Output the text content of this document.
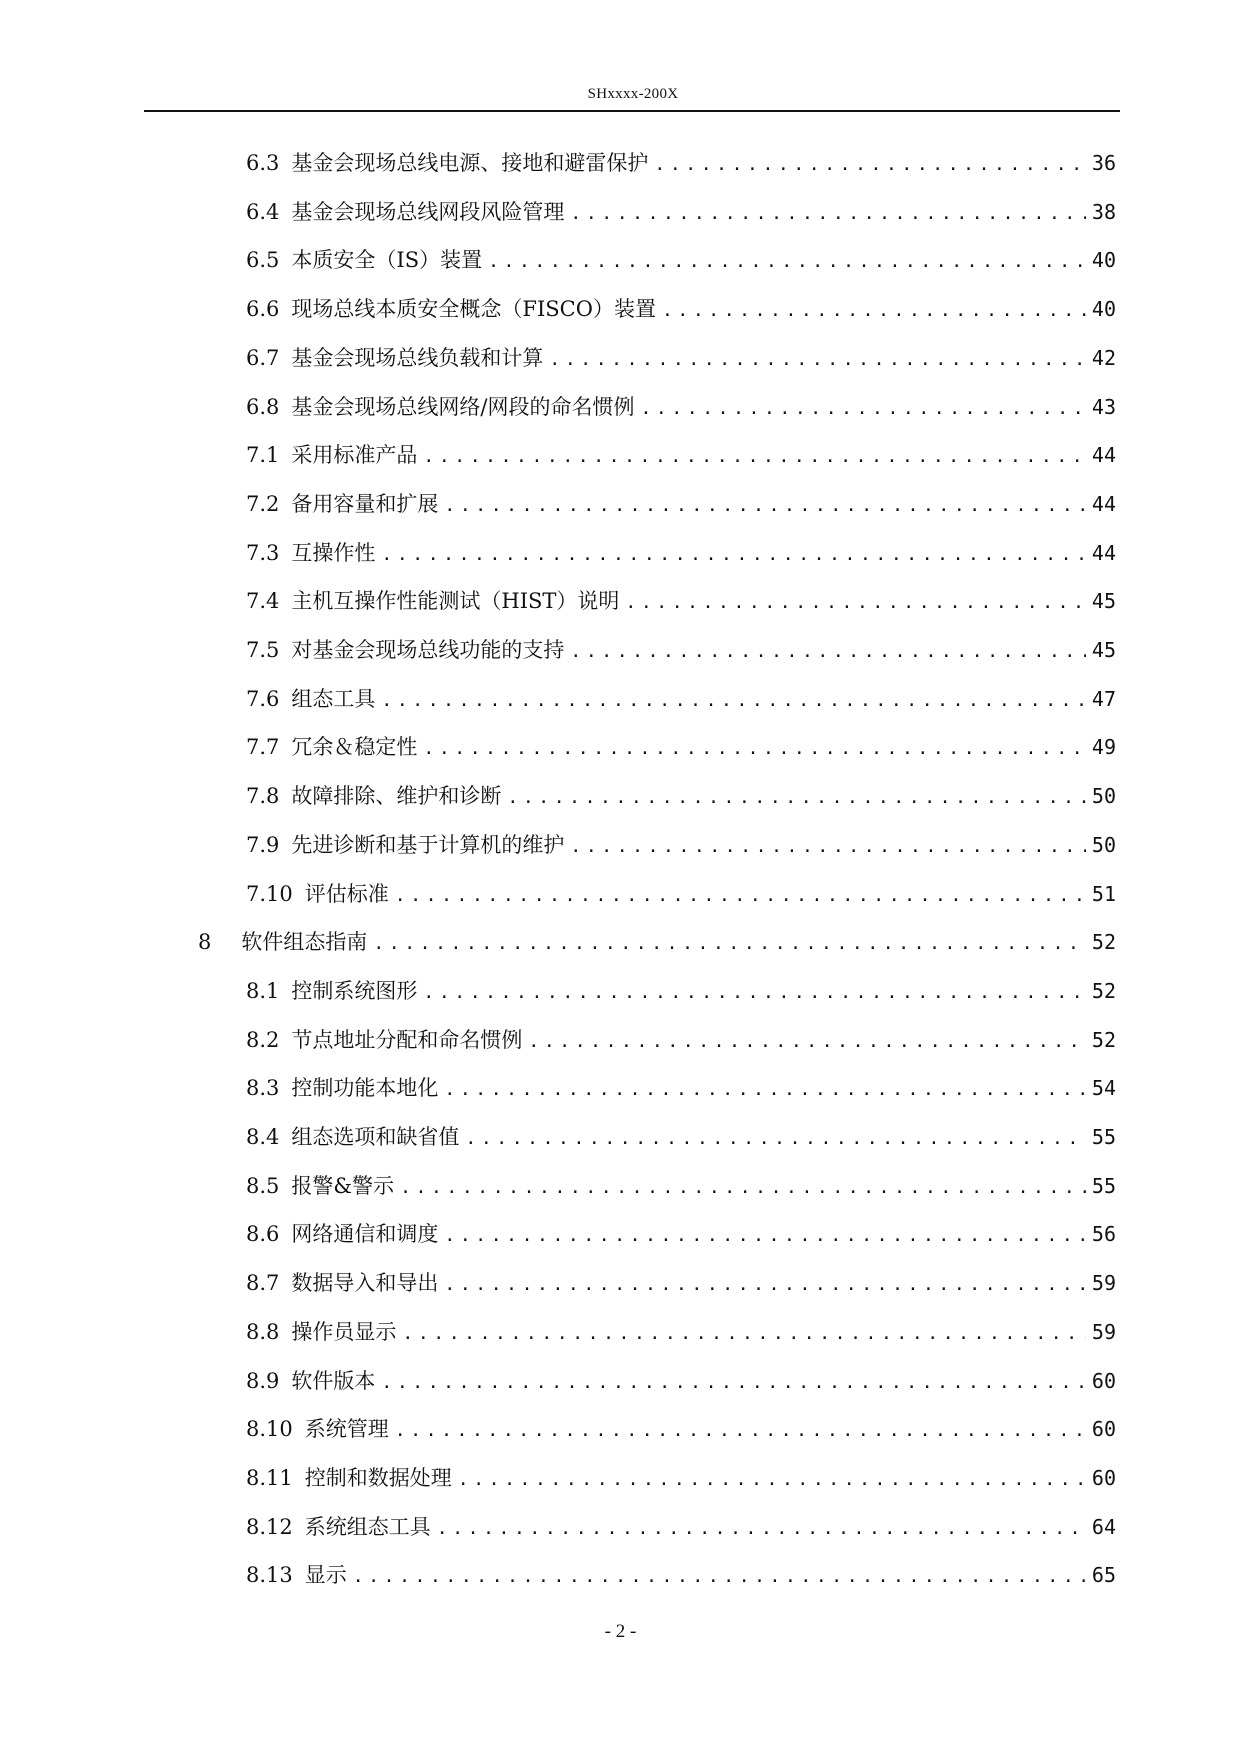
SHxxxx-200X
6.3 基金会现场总线电源、接地和避雷保护 .....	36
6.4 基金会现场总线网段风险管理 .....	38
6.5 本质安全（IS）装置 .....	40
6.6 现场总线本质安全概念（FISCO）装置 .....	40
6.7 基金会现场总线负载和计算 .....	42
6.8 基金会现场总线网络/网段的命名惯例 .....	43
7.1 采用标准产品 .....	44
7.2 备用容量和扩展 .....	44
7.3 互操作性 .....	44
7.4 主机互操作性能测试（HIST）说明 .....	45
7.5 对基金会现场总线功能的支持 .....	45
7.6 组态工具 .....	47
7.7 冗余＆稳定性 .....	49
7.8 故障排除、维护和诊断 .....	50
7.9 先进诊断和基于计算机的维护 .....	50
7.10 评估标准 .....	51
8 软件组态指南 .....	52
8.1 控制系统图形 .....	52
8.2 节点地址分配和命名惯例 .....	52
8.3 控制功能本地化 .....	54
8.4 组态选项和缺省值 .....	55
8.5 报警&警示 .....	55
8.6 网络通信和调度 .....	56
8.7 数据导入和导出 .....	59
8.8 操作员显示 .....	59
8.9 软件版本 .....	60
8.10 系统管理 .....	60
8.11 控制和数据处理 .....	60
8.12 系统组态工具 .....	64
8.13 显示 .....	65
- 2 -
